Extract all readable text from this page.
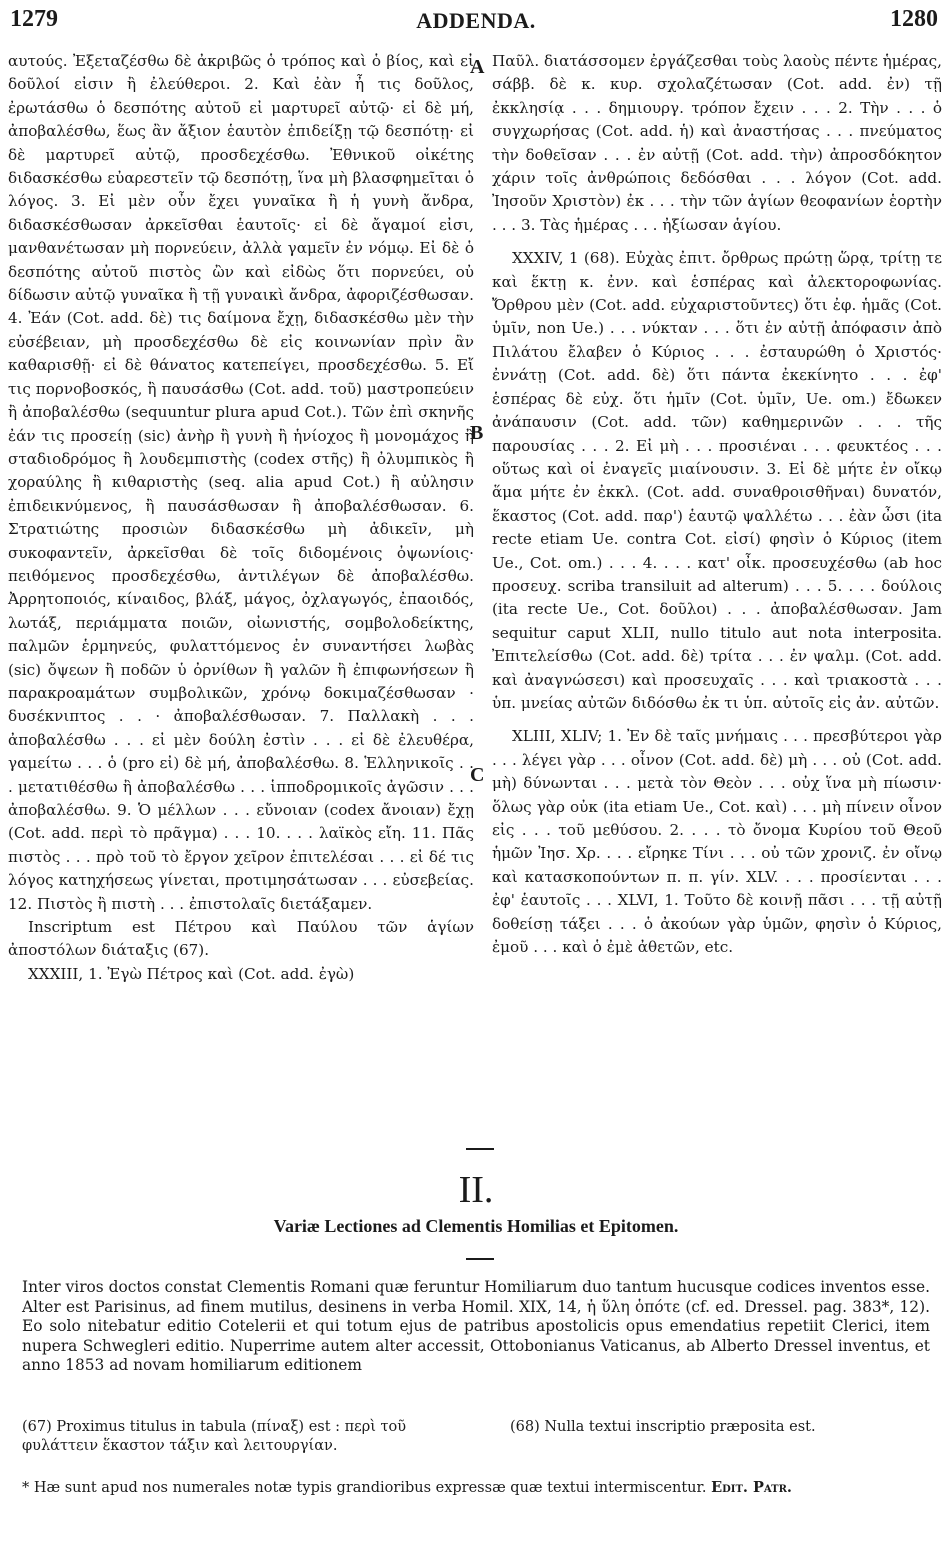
1279	ADDENDA.	1280

αυτούς. Ἐξεταζέσθω δὲ ἀκριβῶς ὁ τρόπος καὶ ὁ βίος, καὶ εἰ δοῦλοί εἰσιν ἢ ἐλεύθεροι. 2. Καὶ ἐὰν ἦ τις δοῦλος, ἐρωτάσθω ὁ δεσπότης αὐτοῦ εἰ μαρτυρεῖ αὐτῷ· εἰ δὲ μή, ἀποβαλέσθω, ἕως ἂν ἄξιον ἑαυτὸν ἐπιδείξῃ τῷ δεσπότῃ· εἰ δὲ μαρτυρεῖ αὐτῷ, προσδεχέσθω. Ἐθνικοῦ οἰκέτης διδασκέσθω εὐαρεστεῖν τῷ δεσπότῃ, ἵνα μὴ βλασφημεῖται ὁ λόγος. 3. Εἰ μὲν οὖν ἔχει γυναῖκα ἢ ἡ γυνὴ ἄνδρα, διδασκέσθωσαν ἀρκεῖσθαι ἑαυτοῖς· εἰ δὲ ἄγαμοί εἰσι, μανθανέτωσαν μὴ πορνεύειν, ἀλλὰ γαμεῖν ἐν νόμῳ. Εἰ δὲ ὁ δεσπότης αὐτοῦ πιστὸς ὢν καὶ εἰδὼς ὅτι πορνεύει, οὐ δίδωσιν αὐτῷ γυναῖκα ἢ τῇ γυναικὶ ἄνδρα, ἀφοριζέσθωσαν. 4. Ἐάν (Cot. add. δὲ) τις δαίμονα ἔχῃ, διδασκέσθω μὲν τὴν εὐσέβειαν, μὴ προσδεχέσθω δὲ εἰς κοινωνίαν πρὶν ἂν καθαρισθῇ· εἰ δὲ θάνατος κατεπείγει, προσδεχέσθω. 5. Εἴ τις πορνοβοσκός, ἢ παυσάσθω (Cot. add. τοῦ) μαστροπεύειν ἢ ἀποβαλέσθω (sequuntur plura apud Cot.). Τῶν ἐπὶ σκηνῆς ἐάν τις προσείῃ (sic) ἀνὴρ ἢ γυνὴ ἢ ἡνίοχος ἢ μονομάχος ἢ σταδιοδρόμος ἢ λουδεμπιστὴς (codex στῆς) ἢ ὀλυμπικὸς ἢ χοραύλης ἢ κιθαριστὴς (seq. alia apud Cot.) ἢ αὐλησιν ἐπιδεικνύμενος, ἢ παυσάσθωσαν ἢ ἀποβαλέσθωσαν. 6. Στρατιώτης προσιὼν διδασκέσθω μὴ ἀδικεῖν, μὴ συκοφαντεῖν, ἀρκεῖσθαι δὲ τοῖς διδομένοις ὀψωνίοις· πειθόμενος προσδεχέσθω, ἀντιλέγων δὲ ἀποβαλέσθω. Ἀρρητοποιός, κίναιδος, βλάξ, μάγος, ὀχλαγωγός, ἐπαοιδός, λωτάξ, περιάμματα ποιῶν, οἰωνιστής, σομβολοδείκτης, παλμῶν ἑρμηνεύς, φυλαττόμενος ἐν συναντήσει λωβὰς (sic) ὄψεων ἢ ποδῶν ὑ ὀρνίθων ἢ γαλῶν ἢ ἐπιφωνήσεων ἢ παρακροαμάτων συμβολικῶν, χρόνῳ δοκιμαζέσθωσαν · δυσέκνιπτος . . · ἀποβαλέσθωσαν. 7. Παλλακὴ . . . ἀποβαλέσθω . . . εἰ μὲν δούλη ἐστὶν . . . εἰ δὲ ἐλευθέρα, γαμείτω . . . ὁ (pro εἰ) δὲ μή, ἀποβαλέσθω. 8. Ἑλληνικοῖς . . . μετατιθέσθω ἢ ἀποβαλέσθω . . . ἱπποδρομικοῖς ἀγῶσιν . . . ἀποβαλέσθω. 9. Ὁ μέλλων . . . εὔνοιαν (codex ἄνοιαν) ἔχῃ (Cot. add. περὶ τὸ πρᾶγμα) . . . 10. . . . λαϊκὸς εἴη. 11. Πᾶς πιστὸς . . . πρὸ τοῦ τὸ ἔργον χεῖρον ἐπιτελέσαι . . . εἰ δέ τις λόγος κατηχήσεως γίνεται, προτιμησάτωσαν . . . εὐσεβείας. 12. Πιστὸς ἢ πιστὴ . . . ἐπιστολαῖς διετάξαμεν.

Inscriptum est Πέτρου καὶ Παύλου τῶν ἁγίων ἀποστόλων διάταξις (67).

XXXIII, 1. Ἐγὼ Πέτρος καὶ (Cot. add. ἐγὼ)

A
B
C

Παῦλ. διατάσσομεν ἐργάζεσθαι τοὺς λαοὺς πέντε ἡμέρας, σάββ. δὲ κ. κυρ. σχολαζέτωσαν (Cot. add. ἐν) τῇ ἐκκλησίᾳ . . . δημιουργ. τρόπον ἔχειν . . . 2. Τὴν . . . ὁ συγχωρήσας (Cot. add. ἡ) καὶ ἀναστήσας . . . πνεύματος τὴν δοθεῖσαν . . . ἐν αὐτῇ (Cot. add. τὴν) ἀπροσδόκητον χάριν τοῖς ἀνθρώποις δεδόσθαι . . . λόγον (Cot. add. Ἰησοῦν Χριστὸν) ἐκ . . . τὴν τῶν ἁγίων θεοφανίων ἑορτὴν . . . 3. Τὰς ἡμέρας . . . ἠξίωσαν ἁγίου.

XXXIV, 1 (68). Εὐχὰς ἐπιτ. ὄρθρως πρώτῃ ὥρᾳ, τρίτῃ τε καὶ ἕκτῃ κ. ἐνν. καὶ ἑσπέρας καὶ ἀλεκτοροφωνίας. Ὄρθρου μὲν (Cot. add. εὐχαριστοῦντες) ὅτι ἐφ. ἡμᾶς (Cot. ὑμῖν, non Ue.) . . . νύκταν . . . ὅτι ἐν αὐτῇ ἀπόφασιν ἀπὸ Πιλάτου ἔλαβεν ὁ Κύριος . . . ἐσταυρώθη ὁ Χριστός· ἐννάτῃ (Cot. add. δὲ) ὅτι πάντα ἐκεκίνητο . . . ἐφ' ἑσπέρας δὲ εὐχ. ὅτι ἡμῖν (Cot. ὑμῖν, Ue. om.) ἔδωκεν ἀνάπαυσιν (Cot. add. τῶν) καθημερινῶν . . . τῆς παρουσίας . . . 2. Εἰ μὴ . . . προσιέναι . . . φευκτέος . . . οὕτως καὶ οἱ ἐναγεῖς μιαίνουσιν. 3. Εἰ δὲ μήτε ἐν οἴκῳ ἅμα μήτε ἐν ἐκκλ. (Cot. add. συναθροισθῆναι) δυνατόν, ἕκαστος (Cot. add. παρ') ἑαυτῷ ψαλλέτω . . . ἐὰν ὦσι (ita recte etiam Ue. contra Cot. εἰσί) φησὶν ὁ Κύριος (item Ue., Cot. om.) . . . 4. . . . κατ' οἶκ. προσευχέσθω (ab hoc προσευχ. scriba transiluit ad alterum) . . . 5. . . . δούλοις (ita recte Ue., Cot. δοῦλοι) . . . ἀποβαλέσθωσαν. Jam sequitur caput XLII, nullo titulo aut nota interposita. Ἐπιτελείσθω (Cot. add. δὲ) τρίτα . . . ἐν ψαλμ. (Cot. add. καὶ ἀναγνώσεσι) καὶ προσευχαῖς . . . καὶ τριακοστὰ . . . ὑπ. μνείας αὐτῶν διδόσθω ἐκ τι ὑπ. αὐτοῖς εἰς ἀν. αὐτῶν.

XLIII, XLIV; 1. Ἐν δὲ ταῖς μνήμαις . . . πρεσβύτεροι γὰρ . . . λέγει γὰρ . . . οἶνον (Cot. add. δὲ) μὴ . . . οὐ (Cot. add. μὴ) δύνωνται . . . μετὰ τὸν Θεὸν . . . οὐχ ἵνα μὴ πίωσιν· ὅλως γὰρ οὐκ (ita etiam Ue., Cot. καὶ) . . . μὴ πίνειν οἶνον εἰς . . . τοῦ μεθύσου. 2. . . . τὸ ὄνομα Κυρίου τοῦ Θεοῦ ἡμῶν Ἰησ. Χρ. . . . εἴρηκε Τίνι . . . οὐ τῶν χρονιζ. ἐν οἴνῳ καὶ κατασκοπούντων π. π. γίν. XLV. . . . προσίενται . . . ἐφ' ἑαυτοῖς . . . XLVI, 1. Τοῦτο δὲ κοινῇ πᾶσι . . . τῇ αὐτῇ δοθείσῃ τάξει . . . ὁ ἀκούων γὰρ ὑμῶν, φησὶν ὁ Κύριος, ἐμοῦ . . . καὶ ὁ ἐμὲ ἀθετῶν, etc.

II.
Variæ Lectiones ad Clementis Homilias et Epitomen.

Inter viros doctos constat Clementis Romani quæ feruntur Homiliarum duo tantum hucusque codices inventos esse. Alter est Parisinus, ad finem mutilus, desinens in verba Homil. XIX, 14, ἡ ὕλη ὁπότε (cf. ed. Dressel. pag. 383*, 12). Eo solo nitebatur editio Cotelerii et qui totum ejus de patribus apostolicis opus emendatius repetiit Clerici, item nupera Schwegleri editio. Nuperrime autem alter accessit, Ottobonianus Vaticanus, ab Alberto Dressel inventus, et anno 1853 ad novam homiliarum editionem

(67) Proximus titulus in tabula (πίναξ) est : περὶ τοῦ φυλάττειν ἕκαστον τάξιν καὶ λειτουργίαν.

(68) Nulla textui inscriptio præposita est.

* Hæ sunt apud nos numerales notæ typis grandioribus expressæ quæ textui intermiscentur. Edit. Patr.
